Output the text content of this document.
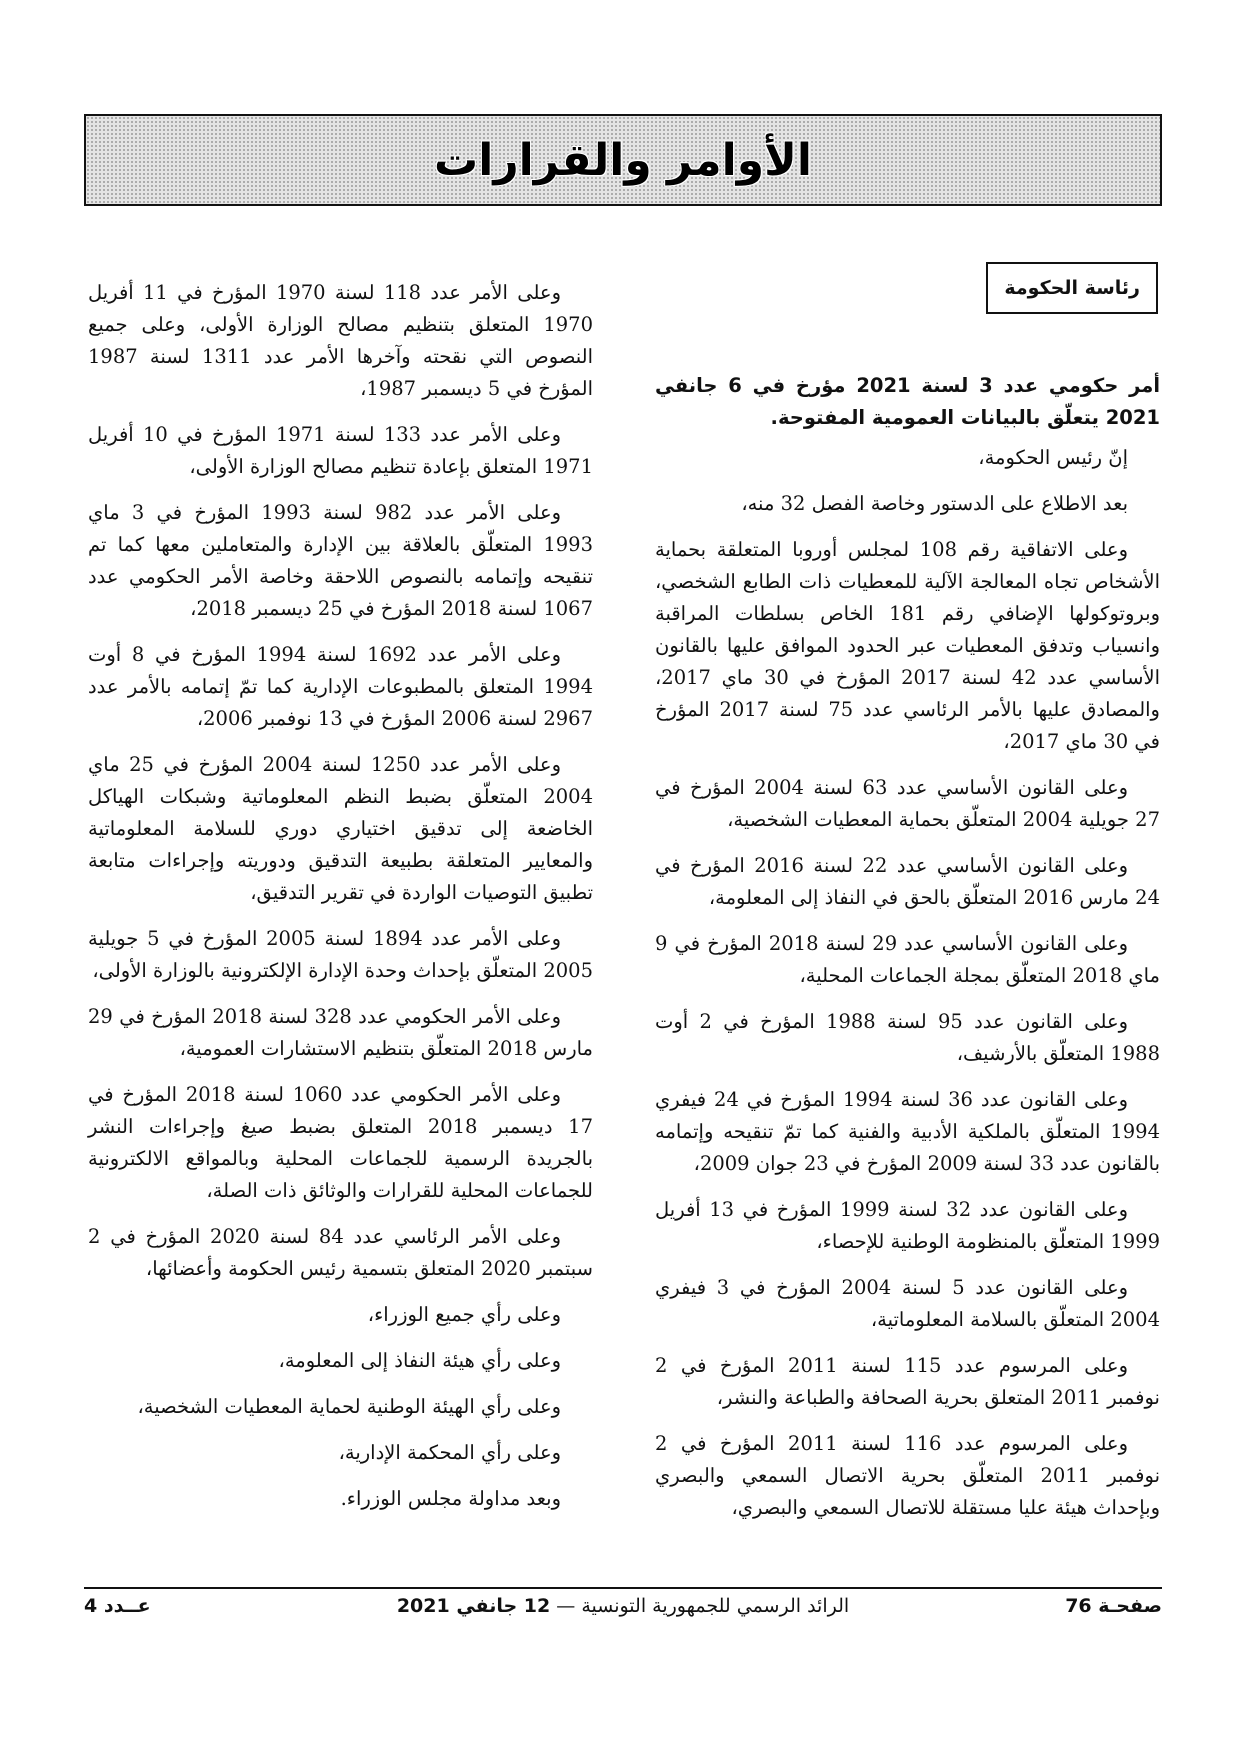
الأوامر والقرارات
رئاسة الحكومة
أمر حكومي عدد 3 لسنة 2021 مؤرخ في 6 جانفي 2021 يتعلّق بالبيانات العمومية المفتوحة.

إنّ رئيس الحكومة،

بعد الاطلاع على الدستور وخاصة الفصل 32 منه،

وعلى الاتفاقية رقم 108 لمجلس أوروبا المتعلقة بحماية الأشخاص تجاه المعالجة الآلية للمعطيات ذات الطابع الشخصي، وبروتوكولها الإضافي رقم 181 الخاص بسلطات المراقبة وانسياب وتدفق المعطيات عبر الحدود الموافق عليها بالقانون الأساسي عدد 42 لسنة 2017 المؤرخ في 30 ماي 2017، والمصادق عليها بالأمر الرئاسي عدد 75 لسنة 2017 المؤرخ في 30 ماي 2017،

وعلى القانون الأساسي عدد 63 لسنة 2004 المؤرخ في 27 جويلية 2004 المتعلّق بحماية المعطيات الشخصية،

وعلى القانون الأساسي عدد 22 لسنة 2016 المؤرخ في 24 مارس 2016 المتعلّق بالحق في النفاذ إلى المعلومة،

وعلى القانون الأساسي عدد 29 لسنة 2018 المؤرخ في 9 ماي 2018 المتعلّق بمجلة الجماعات المحلية،

وعلى القانون عدد 95 لسنة 1988 المؤرخ في 2 أوت 1988 المتعلّق بالأرشيف،

وعلى القانون عدد 36 لسنة 1994 المؤرخ في 24 فيفري 1994 المتعلّق بالملكية الأدبية والفنية كما تمّ تنقيحه وإتمامه بالقانون عدد 33 لسنة 2009 المؤرخ في 23 جوان 2009،

وعلى القانون عدد 32 لسنة 1999 المؤرخ في 13 أفريل 1999 المتعلّق بالمنظومة الوطنية للإحصاء،

وعلى القانون عدد 5 لسنة 2004 المؤرخ في 3 فيفري 2004 المتعلّق بالسلامة المعلوماتية،

وعلى المرسوم عدد 115 لسنة 2011 المؤرخ في 2 نوفمبر 2011 المتعلق بحرية الصحافة والطباعة والنشر،

وعلى المرسوم عدد 116 لسنة 2011 المؤرخ في 2 نوفمبر 2011 المتعلّق بحرية الاتصال السمعي والبصري وبإحداث هيئة عليا مستقلة للاتصال السمعي والبصري،

وعلى الأمر عدد 118 لسنة 1970 المؤرخ في 11 أفريل 1970 المتعلق بتنظيم مصالح الوزارة الأولى، وعلى جميع النصوص التي نقحته وآخرها الأمر عدد 1311 لسنة 1987 المؤرخ في 5 ديسمبر 1987،

وعلى الأمر عدد 133 لسنة 1971 المؤرخ في 10 أفريل 1971 المتعلق بإعادة تنظيم مصالح الوزارة الأولى،

وعلى الأمر عدد 982 لسنة 1993 المؤرخ في 3 ماي 1993 المتعلّق بالعلاقة بين الإدارة والمتعاملين معها كما تم تنقيحه وإتمامه بالنصوص اللاحقة وخاصة الأمر الحكومي عدد 1067 لسنة 2018 المؤرخ في 25 ديسمبر 2018،

وعلى الأمر عدد 1692 لسنة 1994 المؤرخ في 8 أوت 1994 المتعلق بالمطبوعات الإدارية كما تمّ إتمامه بالأمر عدد 2967 لسنة 2006 المؤرخ في 13 نوفمبر 2006،

وعلى الأمر عدد 1250 لسنة 2004 المؤرخ في 25 ماي 2004 المتعلّق بضبط النظم المعلوماتية وشبكات الهياكل الخاضعة إلى تدقيق اختياري دوري للسلامة المعلوماتية والمعايير المتعلقة بطبيعة التدقيق ودوريته وإجراءات متابعة تطبيق التوصيات الواردة في تقرير التدقيق،

وعلى الأمر عدد 1894 لسنة 2005 المؤرخ في 5 جويلية 2005 المتعلّق بإحداث وحدة الإدارة الإلكترونية بالوزارة الأولى،

وعلى الأمر الحكومي عدد 328 لسنة 2018 المؤرخ في 29 مارس 2018 المتعلّق بتنظيم الاستشارات العمومية،

وعلى الأمر الحكومي عدد 1060 لسنة 2018 المؤرخ في 17 ديسمبر 2018 المتعلق بضبط صيغ وإجراءات النشر بالجريدة الرسمية للجماعات المحلية وبالمواقع الالكترونية للجماعات المحلية للقرارات والوثائق ذات الصلة،

وعلى الأمر الرئاسي عدد 84 لسنة 2020 المؤرخ في 2 سبتمبر 2020 المتعلق بتسمية رئيس الحكومة وأعضائها،

وعلى رأي جميع الوزراء،

وعلى رأي هيئة النفاذ إلى المعلومة،

وعلى رأي الهيئة الوطنية لحماية المعطيات الشخصية،

وعلى رأي المحكمة الإدارية،

وبعد مداولة مجلس الوزراء.

صفحـة 76
الرائد الرسمي للجمهورية التونسية — 12 جانفي 2021
عــدد 4
